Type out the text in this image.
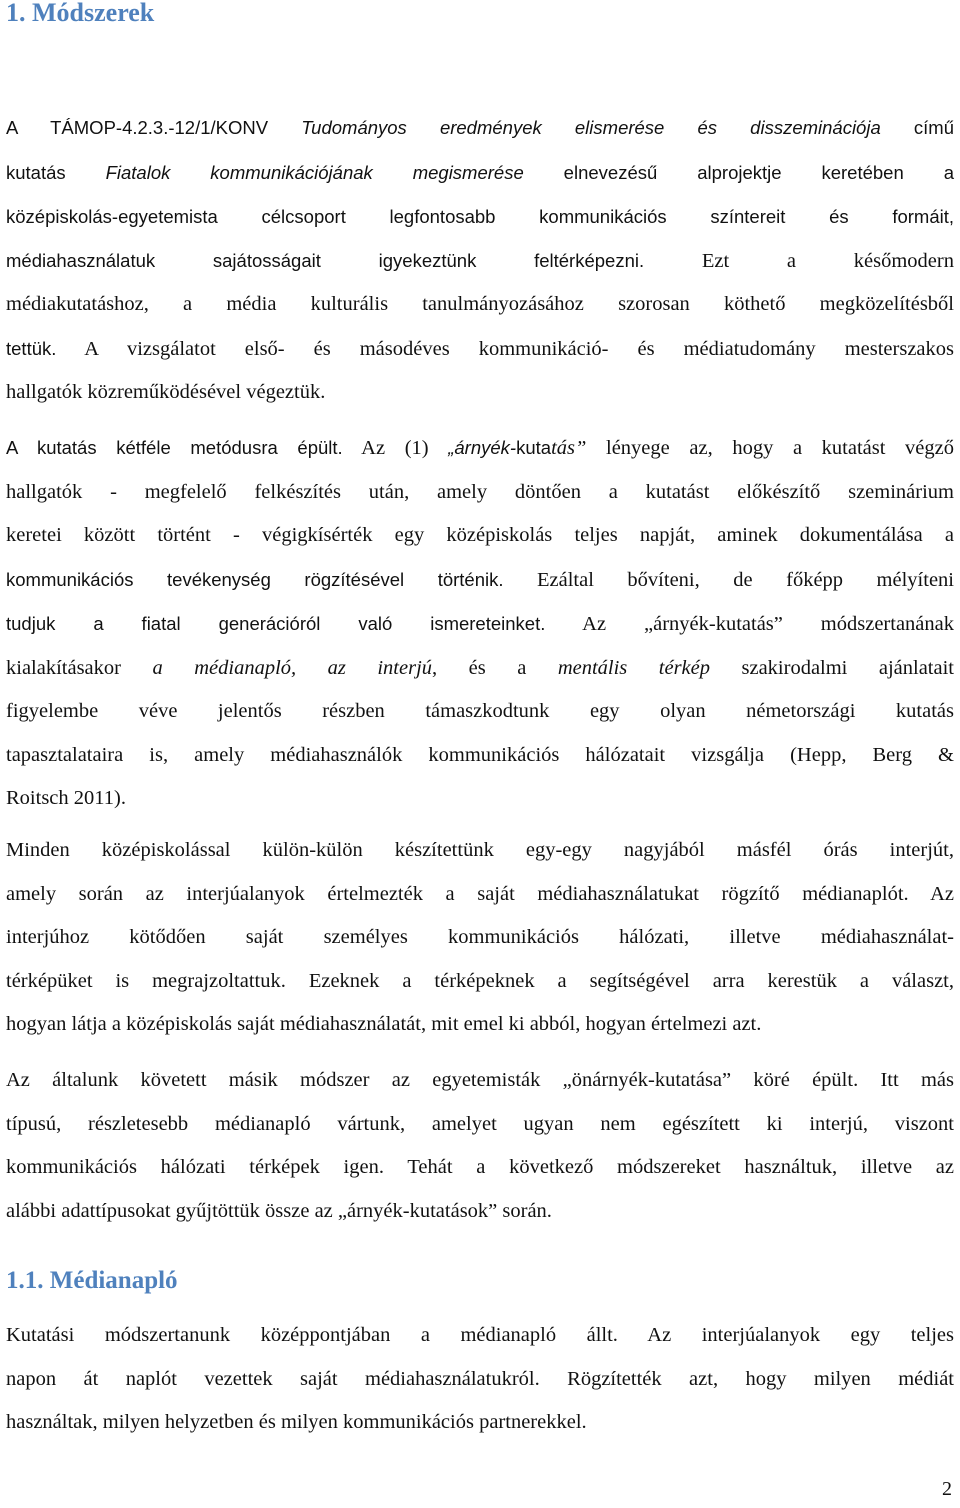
1. Módszerek
A TÁMOP-4.2.3.-12/1/KONV Tudományos eredmények elismerése és disszeminációja című
kutatás Fiatalok kommunikációjának megismerése elnevezésű alprojektje keretében a
középiskolás-egyetemista célcsoport legfontosabb kommunikációs színtereit és formáit,
médiahasználatuk sajátosságait igyekeztünk feltérképezni. Ezt a későmodern
médiakutatáshoz, a média kulturális tanulmányozásához szorosan köthető megközelítésből
tettük. A vizsgálatot első- és másodéves kommunikáció- és médiatudomány mesterszakos
hallgatók közreműködésével végeztük.
A kutatás kétféle metódusra épült. Az (1) „árnyék-kutatás” lényege az, hogy a kutatást végző
hallgatók - megfelelő felkészítés után, amely döntően a kutatást előkészítő szeminárium
keretei között történt - végigkísérték egy középiskolás teljes napját, aminek dokumentálása a
kommunikációs tevékenység rögzítésével történik. Ezáltal bővíteni, de főképp mélyíteni
tudjuk a fiatal generációról való ismereteinket. Az „árnyék-kutatás” módszertanának
kialakításakor a médianapló, az interjú, és a mentális térkép szakirodalmi ajánlatait
figyelembe véve jelentős részben támaszkodtunk egy olyan németországi kutatás
tapasztalataira is, amely médiahasználók kommunikációs hálózatait vizsgálja (Hepp, Berg &
Roitsch 2011).
Minden középiskolással külön-külön készítettünk egy-egy nagyjából másfél órás interjút,
amely során az interjúalanyok értelmezték a saját médiahasználatukat rögzítő médianaplót. Az
interjúhoz kötődően saját személyes kommunikációs hálózati, illetve médiahasználat-
térképüket is megrajzoltattuk. Ezeknek a térképeknek a segítségével arra kerestük a választ,
hogyan látja a középiskolás saját médiahasználatát, mit emel ki abból, hogyan értelmezi azt.
Az általunk követett másik módszer az egyetemisták „önárnyék-kutatása” köré épült. Itt más
típusú, részletesebb médianapló vártunk, amelyet ugyan nem egészített ki interjú, viszont
kommunikációs hálózati térképek igen. Tehát a következő módszereket használtuk, illetve az
alábbi adattípusokat gyűjtöttük össze az „árnyék-kutatások” során.
1.1. Médianapló
Kutatási módszertanunk középpontjában a médianapló állt. Az interjúalanyok egy teljes
napon át naplót vezettek saját médiahasználatukról. Rögzítették azt, hogy milyen médiát
használtak, milyen helyzetben és milyen kommunikációs partnerekkel.
2
